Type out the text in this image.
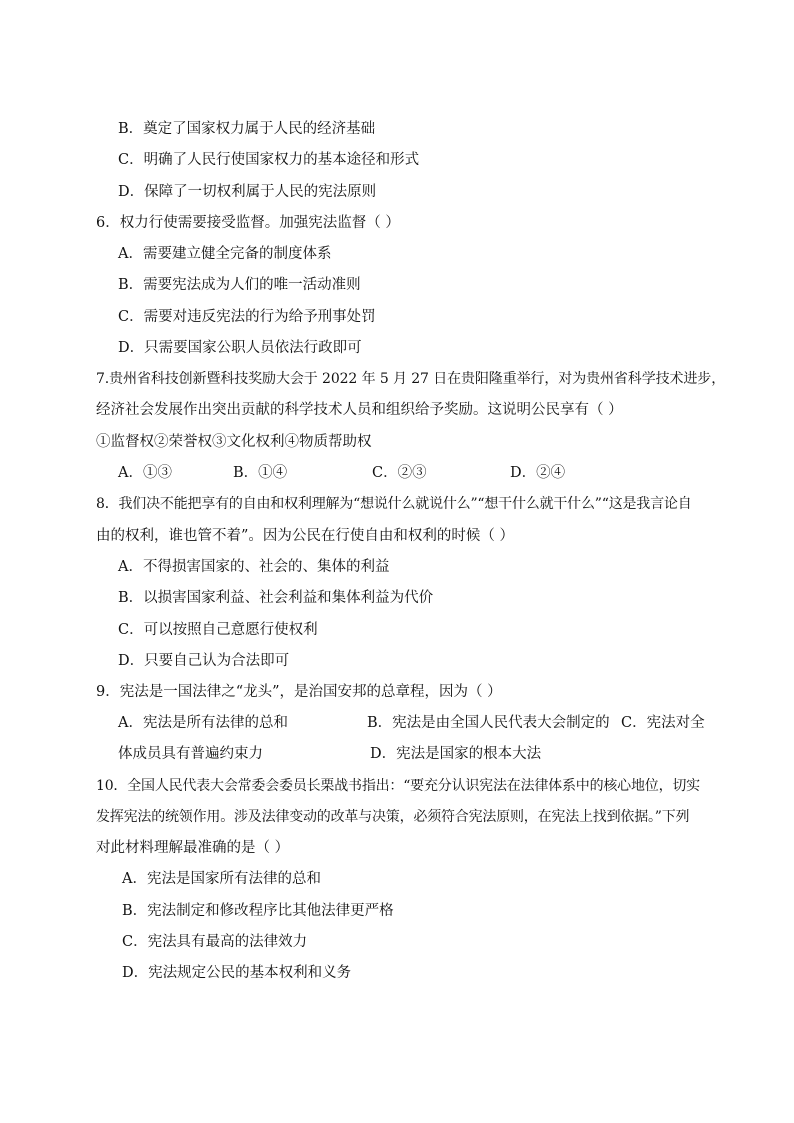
B．奠定了国家权力属于人民的经济基础
C．明确了人民行使国家权力的基本途径和形式
D．保障了一切权利属于人民的宪法原则
6．权力行使需要接受监督。加强宪法监督（ ）
A．需要建立健全完备的制度体系
B．需要宪法成为人们的唯一活动准则
C．需要对违反宪法的行为给予刑事处罚
D．只需要国家公职人员依法行政即可
7.贵州省科技创新暨科技奖励大会于 2022 年 5 月 27 日在贵阳隆重举行，对为贵州省科学技术进步，
经济社会发展作出突出贡献的科学技术人员和组织给予奖励。这说明公民享有（ ）
①监督权②荣誉权③文化权利④物质帮助权
A．①③	B．①④	C．②③	D．②④
8．我们决不能把享有的自由和权利理解为“想说什么就说什么”“想干什么就干什么”“这是我言论自
由的权利，谁也管不着”。因为公民在行使自由和权利的时候（ ）
A．不得损害国家的、社会的、集体的利益
B．以损害国家利益、社会利益和集体利益为代价
C．可以按照自己意愿行使权利
D．只要自己认为合法即可
9．宪法是一国法律之“龙头”，是治国安邦的总章程，因为（ ）
A．宪法是所有法律的总和	B．宪法是由全国人民代表大会制定的 C．宪法对全
体成员具有普遍约束力	D．宪法是国家的根本大法
10．全国人民代表大会常委会委员长栗战书指出：“要充分认识宪法在法律体系中的核心地位，切实
发挥宪法的统领作用。涉及法律变动的改革与决策，必须符合宪法原则，在宪法上找到依据。”下列
对此材料理解最准确的是（ ）
A．宪法是国家所有法律的总和
B．宪法制定和修改程序比其他法律更严格
C．宪法具有最高的法律效力
D．宪法规定公民的基本权利和义务
